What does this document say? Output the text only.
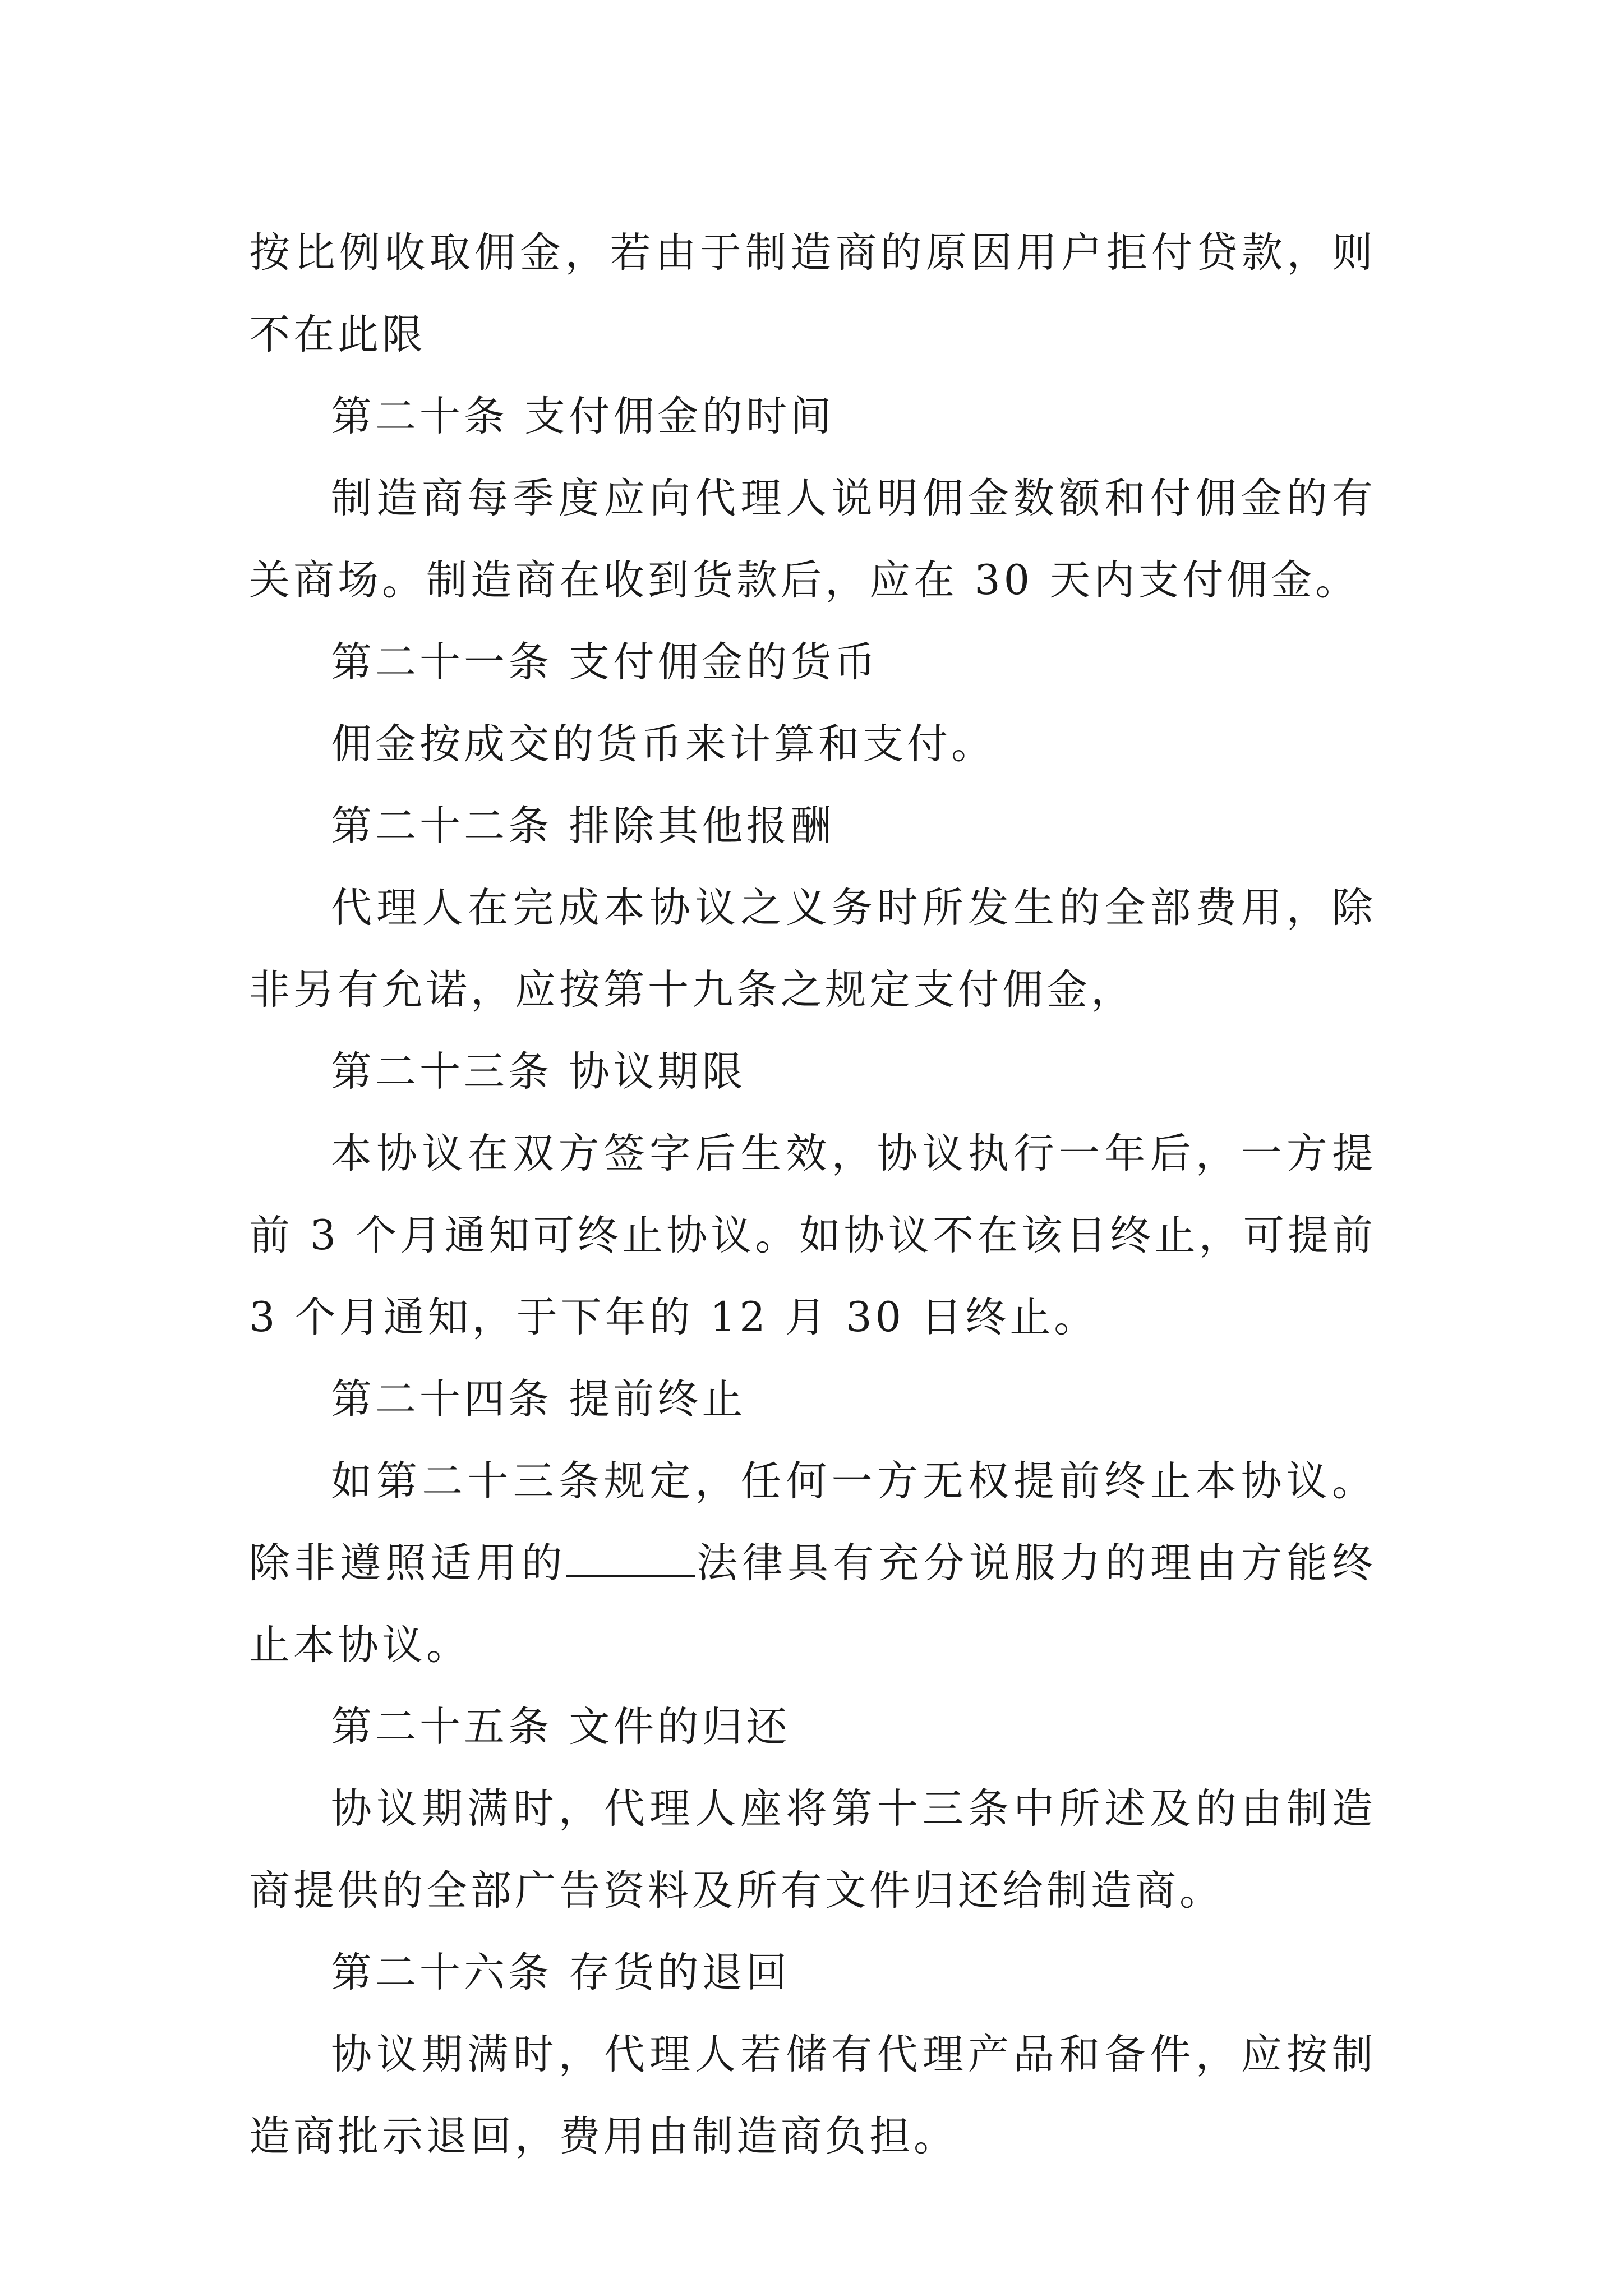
按比例收取佣金，若由于制造商的原因用户拒付贷款，则不在此限

第二十条 支付佣金的时间

制造商每季度应向代理人说明佣金数额和付佣金的有关商场。制造商在收到货款后，应在 30 天内支付佣金。

第二十一条 支付佣金的货币

佣金按成交的货币来计算和支付。

第二十二条 排除其他报酬

代理人在完成本协议之义务时所发生的全部费用，除非另有允诺，应按第十九条之规定支付佣金，

第二十三条 协议期限

本协议在双方签字后生效，协议执行一年后，一方提前 3 个月通知可终止协议。如协议不在该日终止，可提前 3 个月通知，于下年的 12 月 30 日终止。

第二十四条 提前终止

如第二十三条规定，任何一方无权提前终止本协议。除非遵照适用的	法律具有充分说服力的理由方能终止本协议。

第二十五条 文件的归还

协议期满时，代理人座将第十三条中所述及的由制造商提供的全部广告资料及所有文件归还给制造商。

第二十六条 存货的退回

协议期满时，代理人若储有代理产品和备件，应按制造商批示退回，费用由制造商负担。
